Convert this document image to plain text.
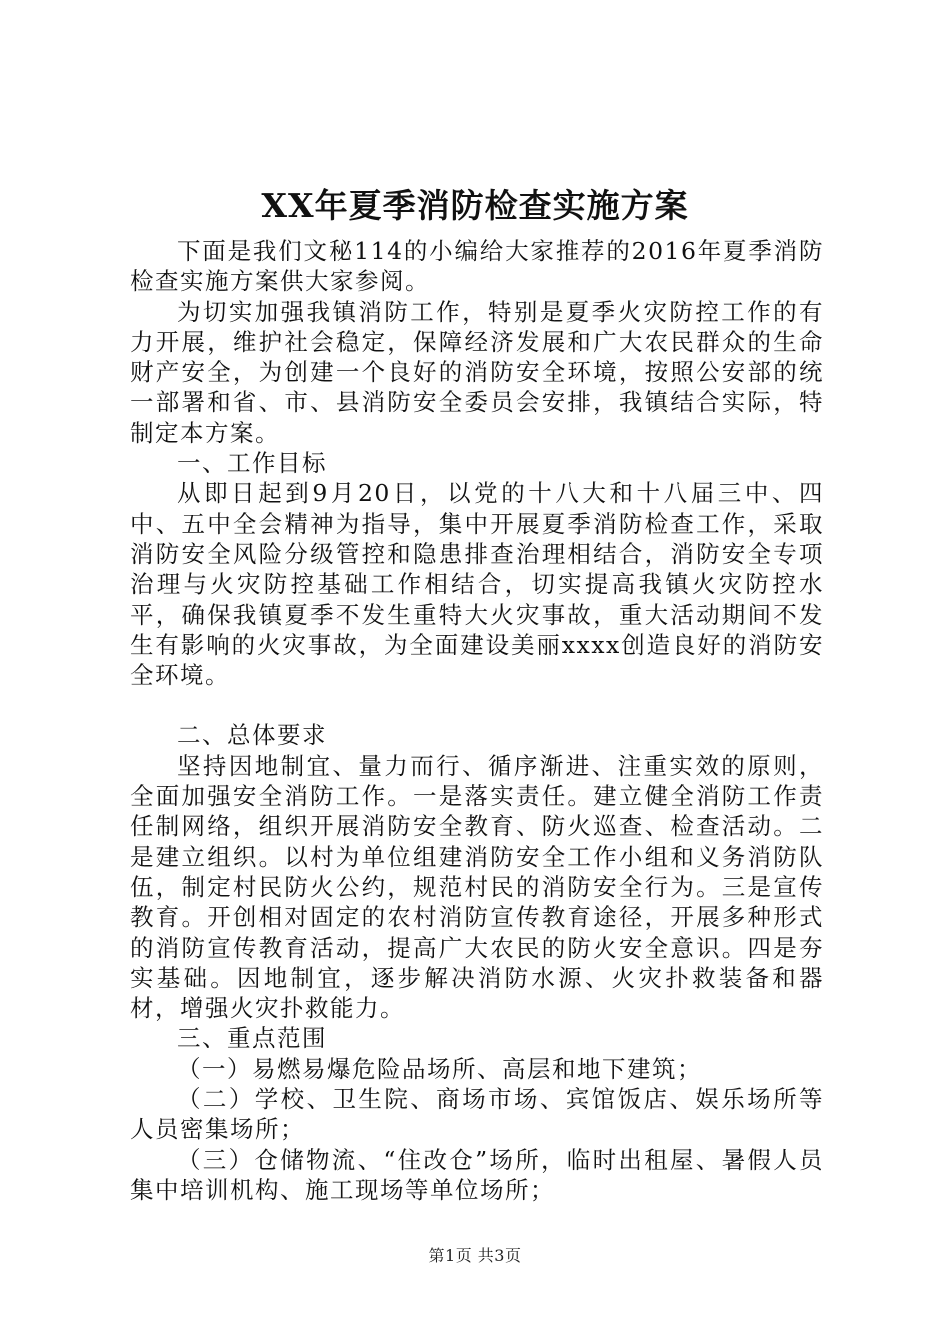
XX年夏季消防检查实施方案

下面是我们文秘114的小编给大家推荐的2016年夏季消防检查实施方案供大家参阅。

为切实加强我镇消防工作，特别是夏季火灾防控工作的有力开展，维护社会稳定，保障经济发展和广大农民群众的生命财产安全，为创建一个良好的消防安全环境，按照公安部的统一部署和省、市、县消防安全委员会安排，我镇结合实际，特制定本方案。

一、工作目标

从即日起到9月20日，以党的十八大和十八届三中、四中、五中全会精神为指导，集中开展夏季消防检查工作，采取消防安全风险分级管控和隐患排查治理相结合，消防安全专项治理与火灾防控基础工作相结合，切实提高我镇火灾防控水平，确保我镇夏季不发生重特大火灾事故，重大活动期间不发生有影响的火灾事故，为全面建设美丽xxxx创造良好的消防安全环境。

二、总体要求

坚持因地制宜、量力而行、循序渐进、注重实效的原则，全面加强安全消防工作。一是落实责任。建立健全消防工作责任制网络，组织开展消防安全教育、防火巡查、检查活动。二是建立组织。以村为单位组建消防安全工作小组和义务消防队伍，制定村民防火公约，规范村民的消防安全行为。三是宣传教育。开创相对固定的农村消防宣传教育途径，开展多种形式的消防宣传教育活动，提高广大农民的防火安全意识。四是夯实基础。因地制宜，逐步解决消防水源、火灾扑救装备和器材，增强火灾扑救能力。

三、重点范围

（一）易燃易爆危险品场所、高层和地下建筑；

（二）学校、卫生院、商场市场、宾馆饭店、娱乐场所等人员密集场所；

（三）仓储物流、“住改仓”场所，临时出租屋、暑假人员集中培训机构、施工现场等单位场所；

第1页 共3页
